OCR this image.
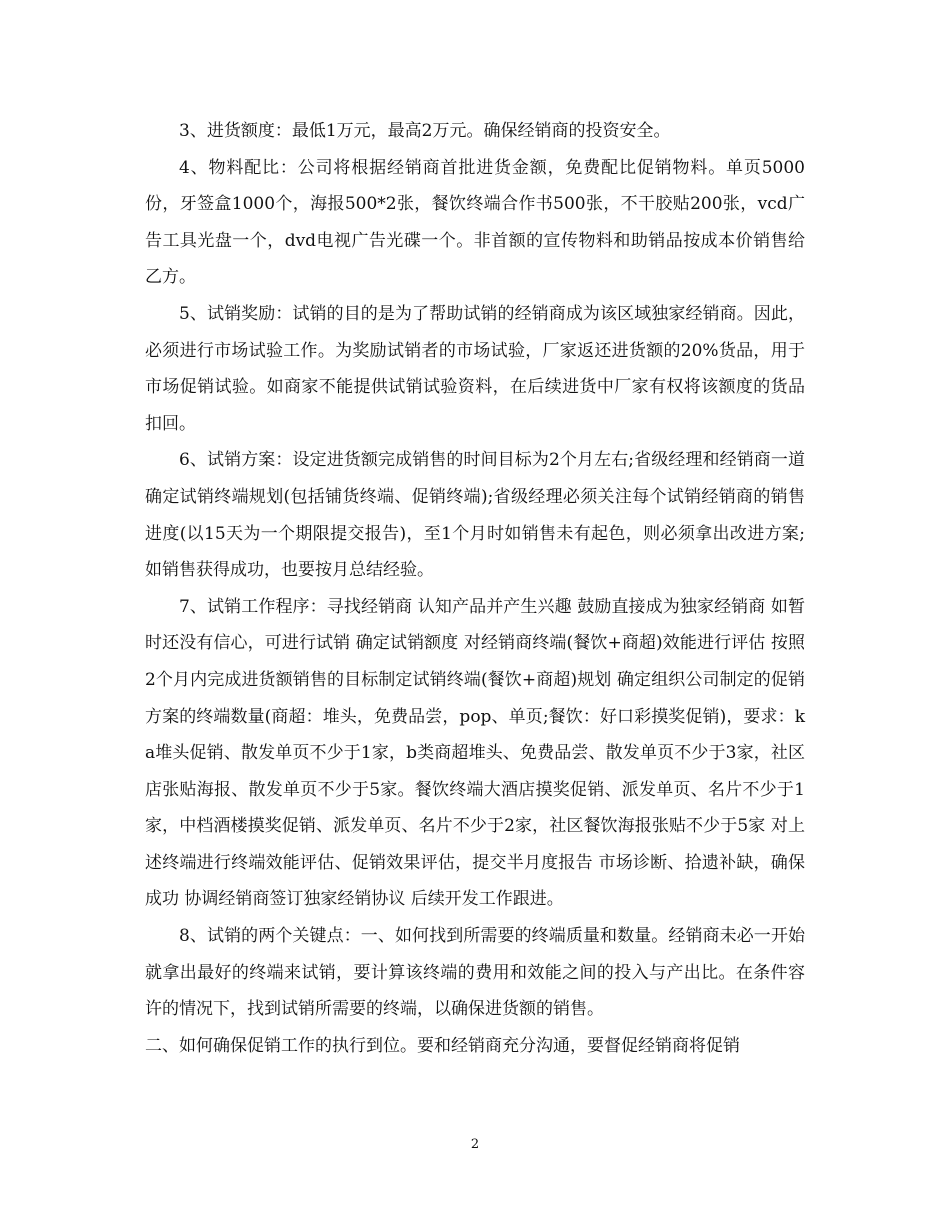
3、进货额度：最低1万元，最高2万元。确保经销商的投资安全。

4、物料配比：公司将根据经销商首批进货金额，免费配比促销物料。单页5000份，牙签盒1000个，海报500*2张，餐饮终端合作书500张，不干胶贴200张，vcd广告工具光盘一个，dvd电视广告光碟一个。非首额的宣传物料和助销品按成本价销售给乙方。

5、试销奖励：试销的目的是为了帮助试销的经销商成为该区域独家经销商。因此，必须进行市场试验工作。为奖励试销者的市场试验，厂家返还进货额的20%货品，用于市场促销试验。如商家不能提供试销试验资料，在后续进货中厂家有权将该额度的货品扣回。

6、试销方案：设定进货额完成销售的时间目标为2个月左右;省级经理和经销商一道确定试销终端规划(包括铺货终端、促销终端);省级经理必须关注每个试销经销商的销售进度(以15天为一个期限提交报告)，至1个月时如销售未有起色，则必须拿出改进方案;如销售获得成功，也要按月总结经验。

7、试销工作程序：寻找经销商 认知产品并产生兴趣 鼓励直接成为独家经销商 如暂时还没有信心，可进行试销 确定试销额度 对经销商终端(餐饮+商超)效能进行评估 按照2个月内完成进货额销售的目标制定试销终端(餐饮+商超)规划 确定组织公司制定的促销方案的终端数量(商超：堆头，免费品尝，pop、单页;餐饮：好口彩摸奖促销)，要求：ka堆头促销、散发单页不少于1家，b类商超堆头、免费品尝、散发单页不少于3家，社区店张贴海报、散发单页不少于5家。餐饮终端大酒店摸奖促销、派发单页、名片不少于1家，中档酒楼摸奖促销、派发单页、名片不少于2家，社区餐饮海报张贴不少于5家 对上述终端进行终端效能评估、促销效果评估，提交半月度报告 市场诊断、拾遗补缺，确保成功 协调经销商签订独家经销协议 后续开发工作跟进。

8、试销的两个关键点：一、如何找到所需要的终端质量和数量。经销商未必一开始就拿出最好的终端来试销，要计算该终端的费用和效能之间的投入与产出比。在条件容许的情况下，找到试销所需要的终端，以确保进货额的销售。

二、如何确保促销工作的执行到位。要和经销商充分沟通，要督促经销商将促销

2
